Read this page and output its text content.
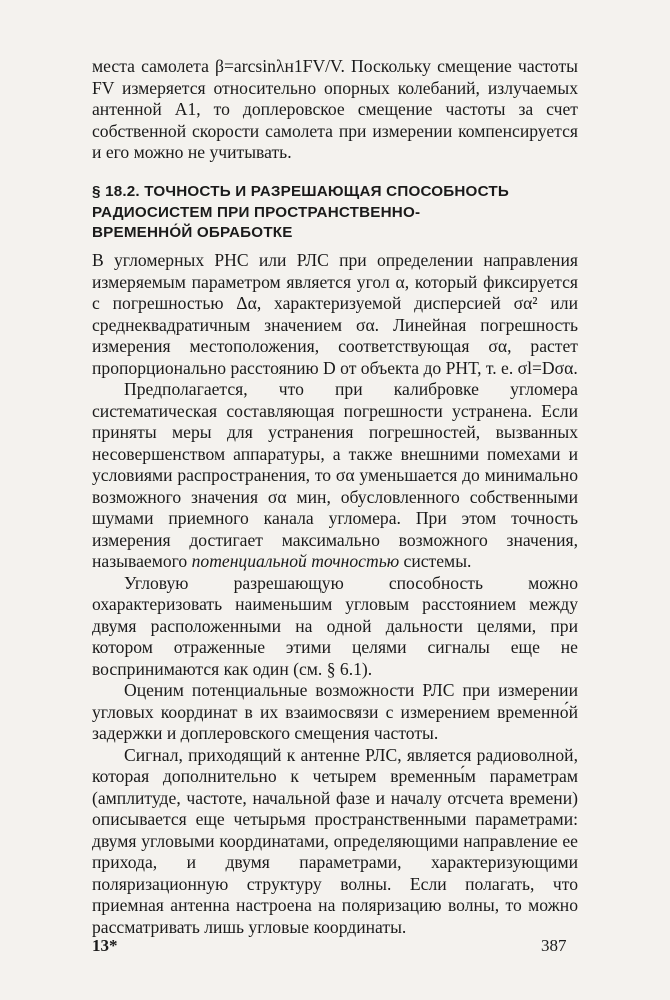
места самолета β=arcsinλн1FV/V. Поскольку смещение частоты FV измеряется относительно опорных колебаний, излучаемых антенной A1, то доплеровское смещение частоты за счет собственной скорости самолета при измерении компенсируется и его можно не учитывать.
§ 18.2. ТОЧНОСТЬ И РАЗРЕШАЮЩАЯ СПОСОБНОСТЬ
РАДИОСИСТЕМ ПРИ ПРОСТРАНСТВЕННО-
ВРЕМЕННО́Й ОБРАБОТКЕ

В угломерных РНС или РЛС при определении направления измеряемым параметром является угол α, который фиксируется с погрешностью Δα, характеризуемой дисперсией σα² или среднеквадратичным значением σα. Линейная погрешность измерения местоположения, соответствующая σα, растет пропорционально расстоянию D от объекта до РНТ, т. е. σl=Dσα.

Предполагается, что при калибровке угломера систематическая составляющая погрешности устранена. Если приняты меры для устранения погрешностей, вызванных несовершенством аппаратуры, а также внешними помехами и условиями распространения, то σα уменьшается до минимально возможного значения σα мин, обусловленного собственными шумами приемного канала угломера. При этом точность измерения достигает максимально возможного значения, называемого потенциальной точностью системы.

Угловую разрешающую способность можно охарактеризовать наименьшим угловым расстоянием между двумя расположенными на одной дальности целями, при котором отраженные этими целями сигналы еще не воспринимаются как один (см. § 6.1).

Оценим потенциальные возможности РЛС при измерении угловых координат в их взаимосвязи с измерением временно́й задержки и доплеровского смещения частоты.

Сигнал, приходящий к антенне РЛС, является радиоволной, которая дополнительно к четырем временны́м параметрам (амплитуде, частоте, начальной фазе и началу отсчета времени) описывается еще четырьмя пространственными параметрами: двумя угловыми координатами, определяющими направление ее прихода, и двумя параметрами, характеризующими поляризационную структуру волны. Если полагать, что приемная антенна настроена на поляризацию волны, то можно рассматривать лишь угловые координаты.

13*	387
